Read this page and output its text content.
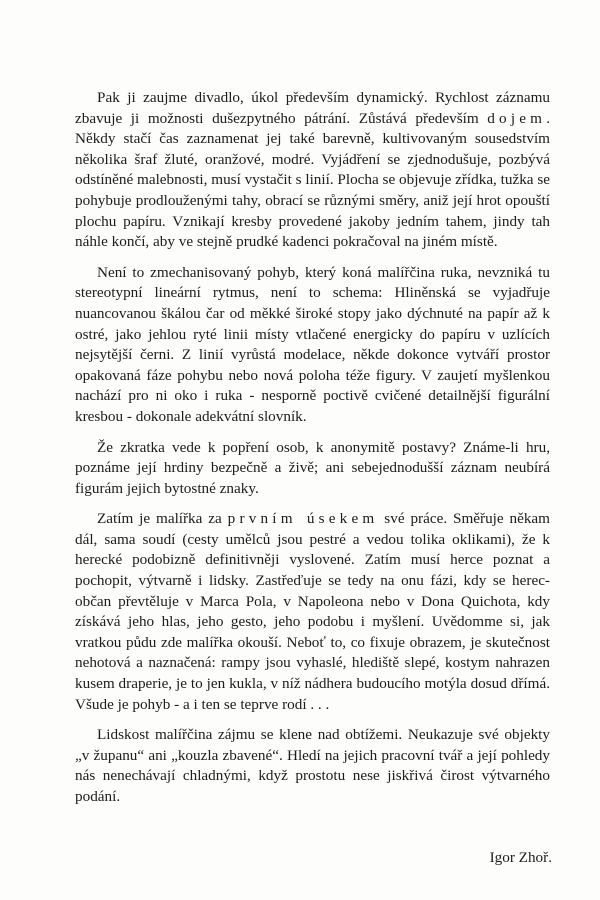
Pak ji zaujme divadlo, úkol především dynamický. Rychlost záznamu zbavuje ji možnosti dušezpytného pátrání. Zůstává především dojem. Někdy stačí čas zaznamenat jej také barevně, kultivovaným sousedstvím několika šraf žluté, oranžové, modré. Vyjádření se zjednodušuje, pozbývá odstíněné malebnosti, musí vystačit s linií. Plocha se objevuje zřídka, tužka se pohybuje prodlouženými tahy, obrací se různými směry, aniž její hrot opouští plochu papíru. Vznikají kresby provedené jakoby jedním tahem, jindy tah náhle končí, aby ve stejně prudké kadenci pokračoval na jiném místě.

Není to zmechanisovaný pohyb, který koná malířčina ruka, nevzniká tu stereotypní lineární rytmus, není to schema: Hliněnská se vyjadřuje nuancovanou škálou čar od měkké široké stopy jako dýchnuté na papír až k ostré, jako jehlou ryté linii místy vtlačené energicky do papíru v uzlících nejsytější černi. Z linií vyrůstá modelace, někde dokonce vytváří prostor opakovaná fáze pohybu nebo nová poloha téže figury. V zaujetí myšlenkou nachází pro ni oko i ruka - nesporně poctivě cvičené detailnější figurální kresbou - dokonale adekvátní slovník.

Že zkratka vede k popření osob, k anonymitě postavy? Známe-li hru, poznáme její hrdiny bezpečně a živě; ani sebejednodušší záznam neubírá figurám jejich bytostné znaky.

Zatím je malířka za prvním úsekem své práce. Směřuje někam dál, sama soudí (cesty umělců jsou pestré a vedou tolika oklikami), že k herecké podobizně definitivněji vyslovené. Zatím musí herce poznat a pochopit, výtvarně i lidsky. Zastřeďuje se tedy na onu fázi, kdy se herec-občan převtěluje v Marca Pola, v Napoleona nebo v Dona Quichota, kdy získává jeho hlas, jeho gesto, jeho podobu i myšlení. Uvědomme si, jak vratkou půdu zde malířka okouší. Neboť to, co fixuje obrazem, je skutečnost nehotová a naznačená: rampy jsou vyhaslé, hlediště slepé, kostym nahrazen kusem draperie, je to jen kukla, v níž nádhera budoucího motýla dosud dřímá. Všude je pohyb - a i ten se teprve rodí . . .

Lidskost malířčina zájmu se klene nad obtížemi. Neukazuje své objekty „v županu“ ani „kouzla zbavené“. Hledí na jejich pracovní tvář a její pohledy nás nenechávají chladnými, když prostotu nese jiskřivá čirost výtvarného podání.

Igor Zhoř.
